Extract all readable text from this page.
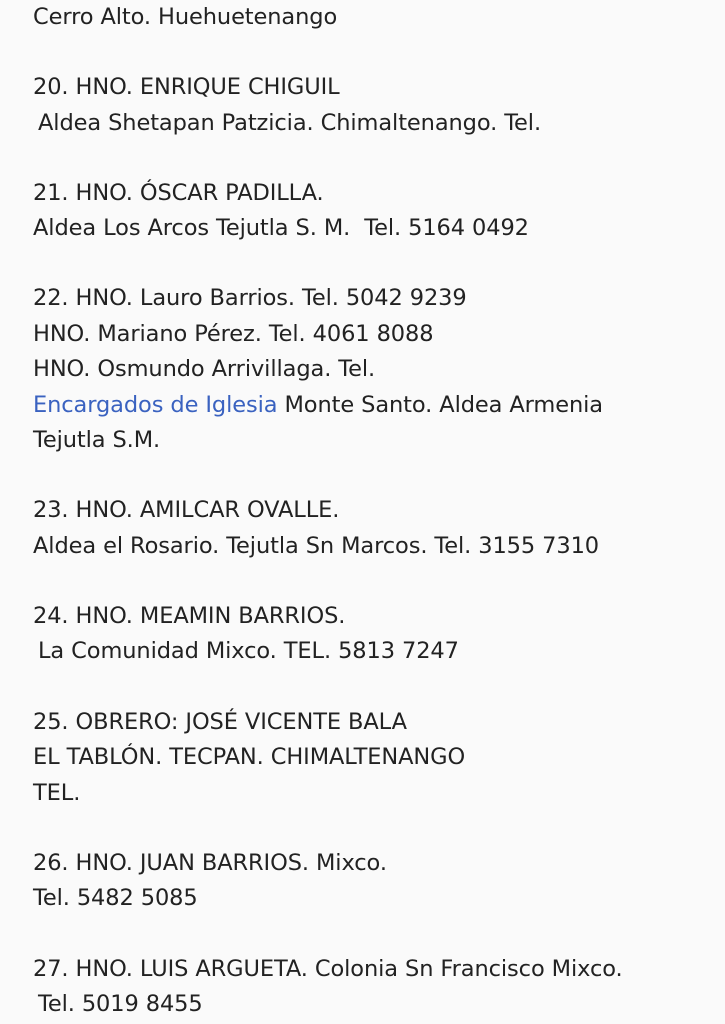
Cerro Alto. Huehuetenango
20. HNO. ENRIQUE CHIGUIL
Aldea Shetapan Patzicia. Chimaltenango. Tel.
21. HNO. ÓSCAR PADILLA.
Aldea Los Arcos Tejutla S. M.  Tel. 5164 0492
22. HNO. Lauro Barrios. Tel. 5042 9239
HNO. Mariano Pérez. Tel. 4061 8088
HNO. Osmundo Arrivillaga. Tel.
Encargados de Iglesia Monte Santo. Aldea Armenia
Tejutla S.M.
23. HNO. AMILCAR OVALLE.
Aldea el Rosario. Tejutla Sn Marcos. Tel. 3155 7310
24. HNO. MEAMIN BARRIOS.
La Comunidad Mixco. TEL. 5813 7247
25. OBRERO: JOSÉ VICENTE BALA
EL TABLÓN. TECPAN. CHIMALTENANGO
TEL.
26. HNO. JUAN BARRIOS. Mixco.
Tel. 5482 5085
27. HNO. LUIS ARGUETA. Colonia Sn Francisco Mixco.
Tel. 5019 8455
